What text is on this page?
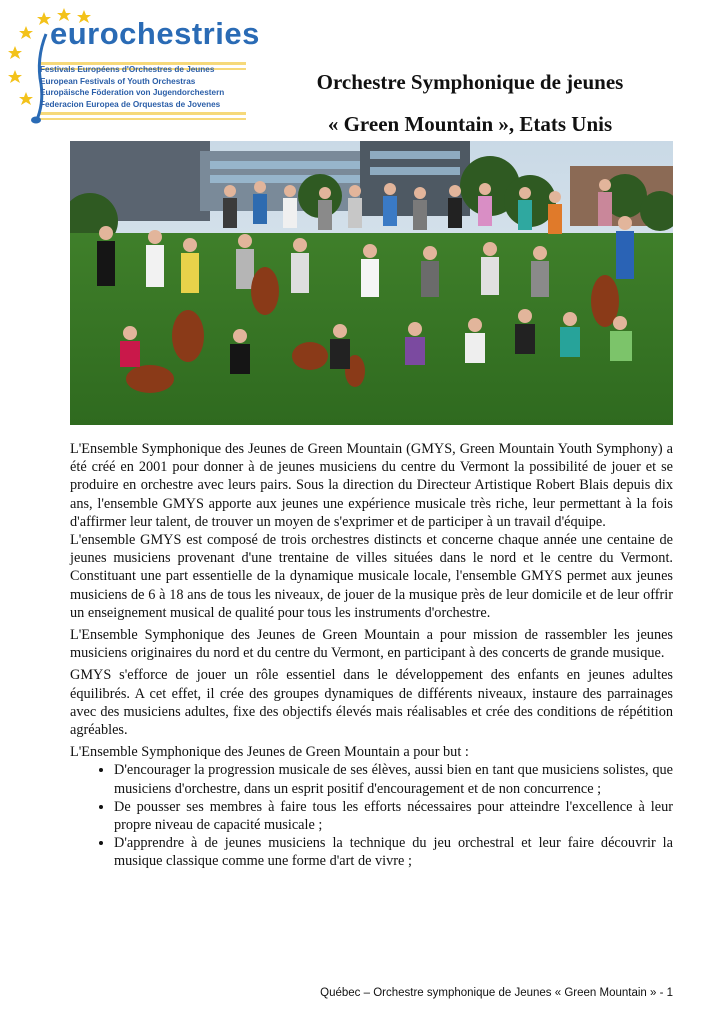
eurochestries
Festivals Européens d'Orchestres de Jeunes
European Festivals of Youth Orchestras
Europäische Föderation von Jugendorchestern
Federacion Europea de Orquestas de Jovenes
Orchestre Symphonique de jeunes
« Green Mountain », Etats Unis

L'Ensemble Symphonique des Jeunes de Green Mountain (GMYS, Green Mountain Youth Symphony) a été créé en 2001 pour donner à de jeunes musiciens du centre du Vermont la possibilité de jouer et se produire en orchestre avec leurs pairs. Sous la direction du Directeur Artistique Robert Blais depuis dix ans, l'ensemble GMYS apporte aux jeunes une expérience musicale très riche, leur permettant à la fois d'affirmer leur talent, de trouver un moyen de s'exprimer et de participer à un travail d'équipe.

L'ensemble GMYS est composé de trois orchestres distincts et concerne chaque année une centaine de jeunes musiciens provenant d'une trentaine de villes situées dans le nord et le centre du Vermont. Constituant une part essentielle de la dynamique musicale locale, l'ensemble GMYS permet aux jeunes musiciens de 6 à 18 ans de tous les niveaux, de jouer de la musique près de leur domicile et de leur offrir un enseignement musical de qualité pour tous les instruments d'orchestre.

L'Ensemble Symphonique des Jeunes de Green Mountain a pour mission de rassembler les jeunes musiciens originaires du nord et du centre du Vermont, en participant à des concerts de grande musique.

GMYS s'efforce de jouer un rôle essentiel dans le développement des enfants en jeunes adultes équilibrés. A cet effet, il crée des groupes dynamiques de différents niveaux, instaure des parrainages avec des musiciens adultes, fixe des objectifs élevés mais réalisables et crée des conditions de répétition agréables.

L'Ensemble Symphonique des Jeunes de Green Mountain a pour but :

• D'encourager la progression musicale de ses élèves, aussi bien en tant que musiciens solistes, que musiciens d'orchestre, dans un esprit positif d'encouragement et de non concurrence ;
• De pousser ses membres à faire tous les efforts nécessaires pour atteindre l'excellence à leur propre niveau de capacité musicale ;
• D'apprendre à de jeunes musiciens la technique du jeu orchestral et leur faire découvrir la musique classique comme une forme d'art de vivre ;
Québec – Orchestre symphonique de Jeunes « Green Mountain » - 1
